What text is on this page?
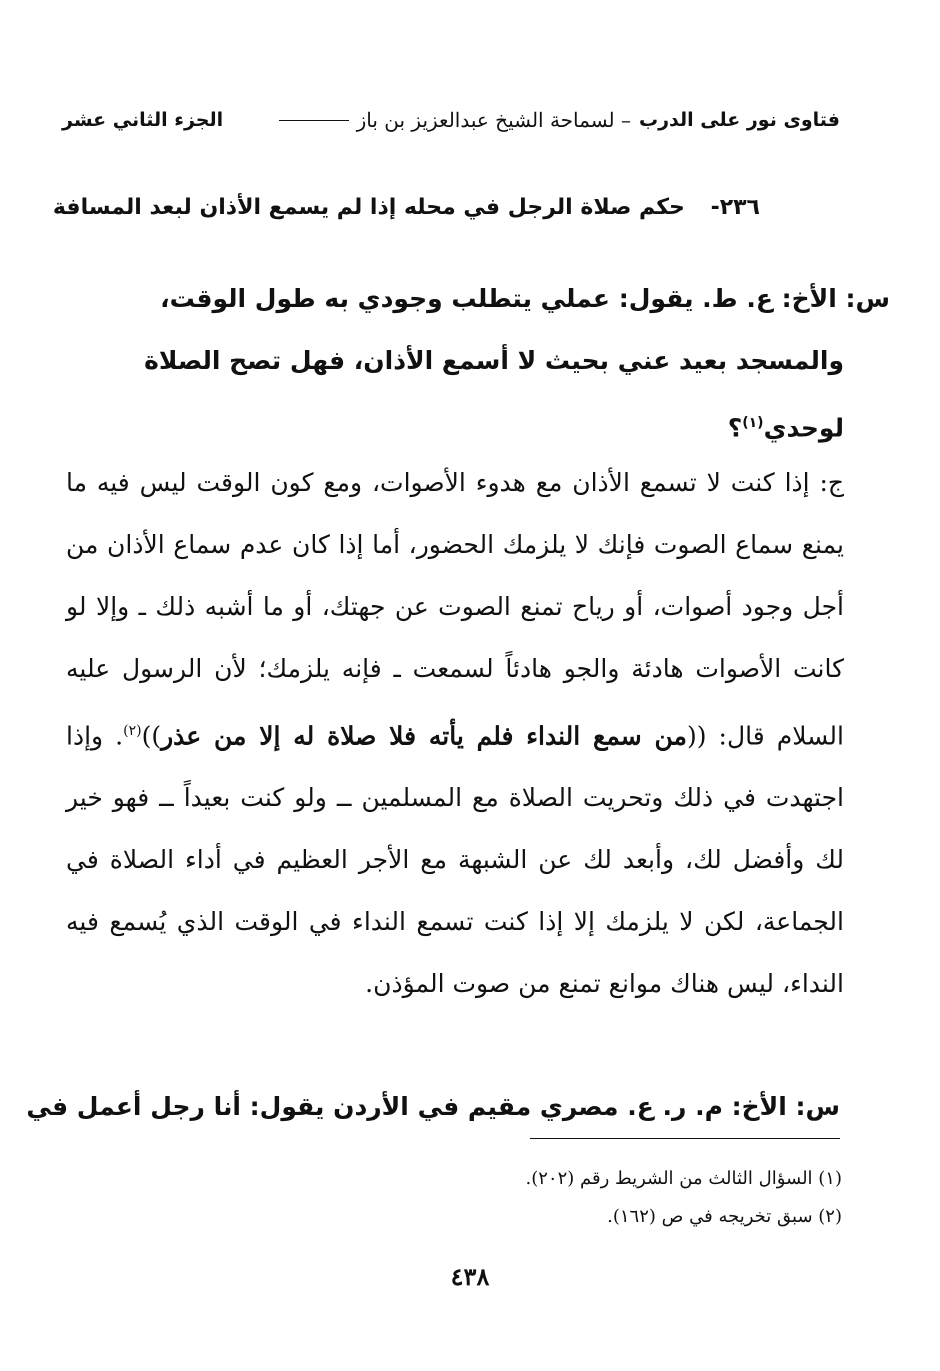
فتاوى نور على الدرب
– لسماحة الشيخ عبدالعزيز بن باز
الجزء الثاني عشر
٢٣٦- حكم صلاة الرجل في محله إذا لم يسمع الأذان لبعد المسافة
س: الأخ: ع. ط. يقول: عملي يتطلب وجودي به طول الوقت،
والمسجد بعيد عني بحيث لا أسمع الأذان، فهل تصح الصلاة
لوحدي$^{(١)}$؟
ج: إذا كنت لا تسمع الأذان مع هدوء الأصوات، ومع كون الوقت ليس فيه ما يمنع سماع الصوت فإنك لا يلزمك الحضور، أما إذا كان عدم سماع الأذان من أجل وجود أصوات، أو رياح تمنع الصوت عن جهتك، أو ما أشبه ذلك ـ وإلا لو كانت الأصوات هادئة والجو هادئاً لسمعت ـ فإنه يلزمك؛ لأن الرسول عليه السلام قال: ((من سمع النداء فلم يأته فلا صلاة له إلا من عذر))$^{(٢)}$. وإذا اجتهدت في ذلك وتحريت الصلاة مع المسلمين ــ ولو كنت بعيداً ــ فهو خير لك وأفضل لك، وأبعد لك عن الشبهة مع الأجر العظيم في أداء الصلاة في الجماعة، لكن لا يلزمك إلا إذا كنت تسمع النداء في الوقت الذي يُسمع فيه النداء، ليس هناك موانع تمنع من صوت المؤذن.
س: الأخ: م. ر. ع. مصري مقيم في الأردن يقول: أنا رجل أعمل في
(١) السؤال الثالث من الشريط رقم (٢٠٢).
(٢) سبق تخريجه في ص (١٦٢).
٤٣٨
